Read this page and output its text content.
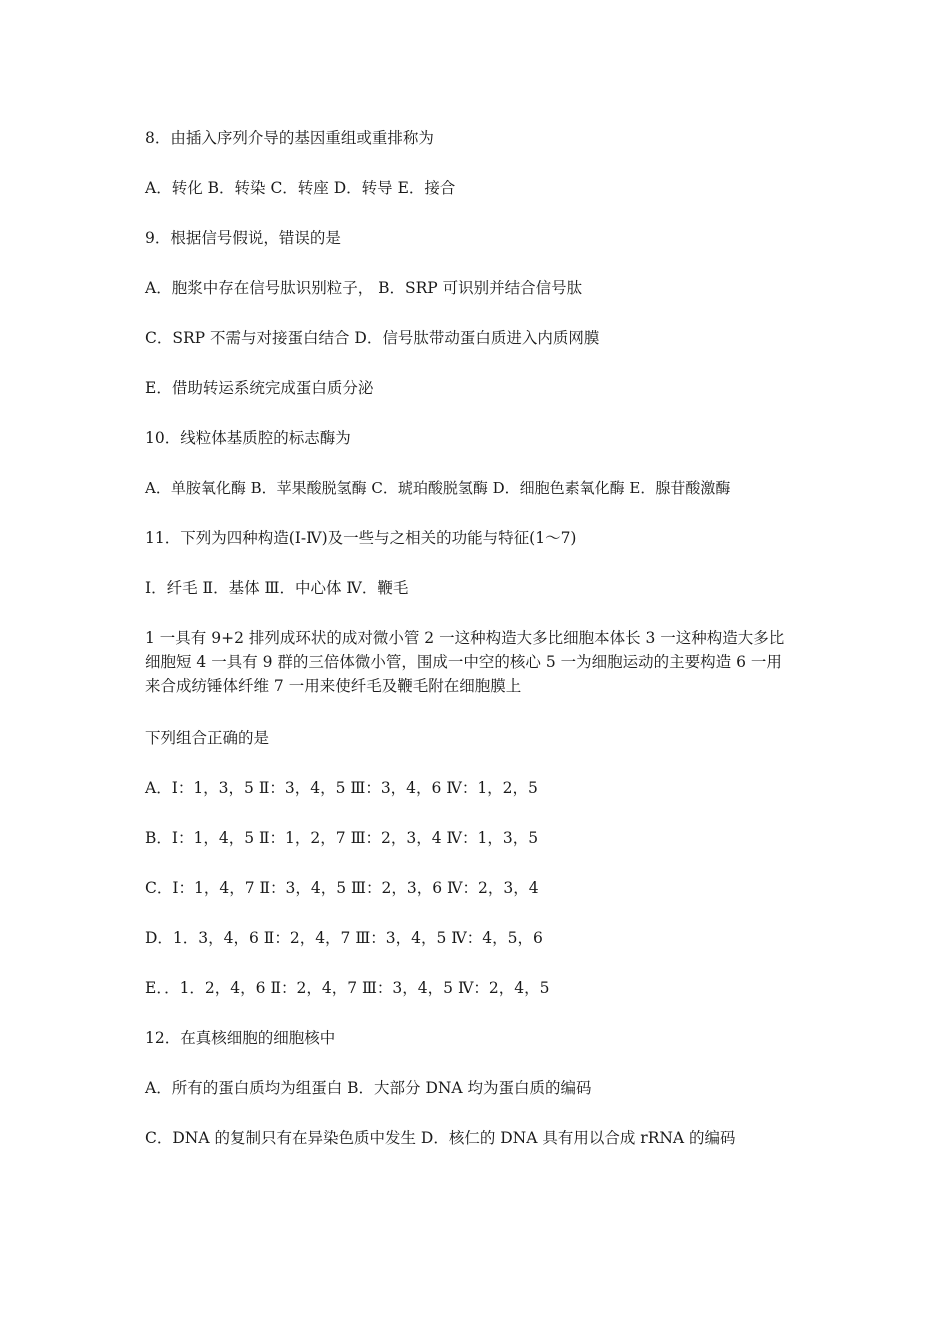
8．由插入序列介导的基因重组或重排称为
A．转化 B．转染 C．转座 D．转导 E．接合
9．根据信号假说，错误的是
A．胞浆中存在信号肽识别粒子， B．SRP 可识别并结合信号肽
C．SRP 不需与对接蛋白结合 D．信号肽带动蛋白质进入内质网膜
E．借助转运系统完成蛋白质分泌
10．线粒体基质腔的标志酶为
A．单胺氧化酶 B．苹果酸脱氢酶 C．琥珀酸脱氢酶 D．细胞色素氧化酶 E．腺苷酸激酶
11．下列为四种构造(I-Ⅳ)及一些与之相关的功能与特征(1～7)
I．纤毛 Ⅱ．基体 Ⅲ．中心体 Ⅳ．鞭毛
1 一具有 9+2 排列成环状的成对微小管 2 一这种构造大多比细胞本体长 3 一这种构造大多比细胞短 4 一具有 9 群的三倍体微小管，围成一中空的核心 5 一为细胞运动的主要构造 6 一用来合成纺锤体纤维 7 一用来使纤毛及鞭毛附在细胞膜上
下列组合正确的是
A．Ⅰ：1，3，5 Ⅱ：3，4，5 Ⅲ：3，4，6 Ⅳ：1，2，5
B．Ⅰ：1，4，5 Ⅱ：1，2，7 Ⅲ：2，3，4 Ⅳ：1，3，5
C．I：1，4，7 Ⅱ：3，4，5 Ⅲ：2，3，6 Ⅳ：2，3，4
D．1．3，4，6 Ⅱ：2，4，7 Ⅲ：3，4，5 Ⅳ：4，5，6
E．．1．2，4，6 Ⅱ：2，4，7 Ⅲ：3，4，5 Ⅳ：2，4，5
12．在真核细胞的细胞核中
A．所有的蛋白质均为组蛋白 B．大部分 DNA 均为蛋白质的编码
C．DNA 的复制只有在异染色质中发生 D．核仁的 DNA 具有用以合成 rRNA 的编码
